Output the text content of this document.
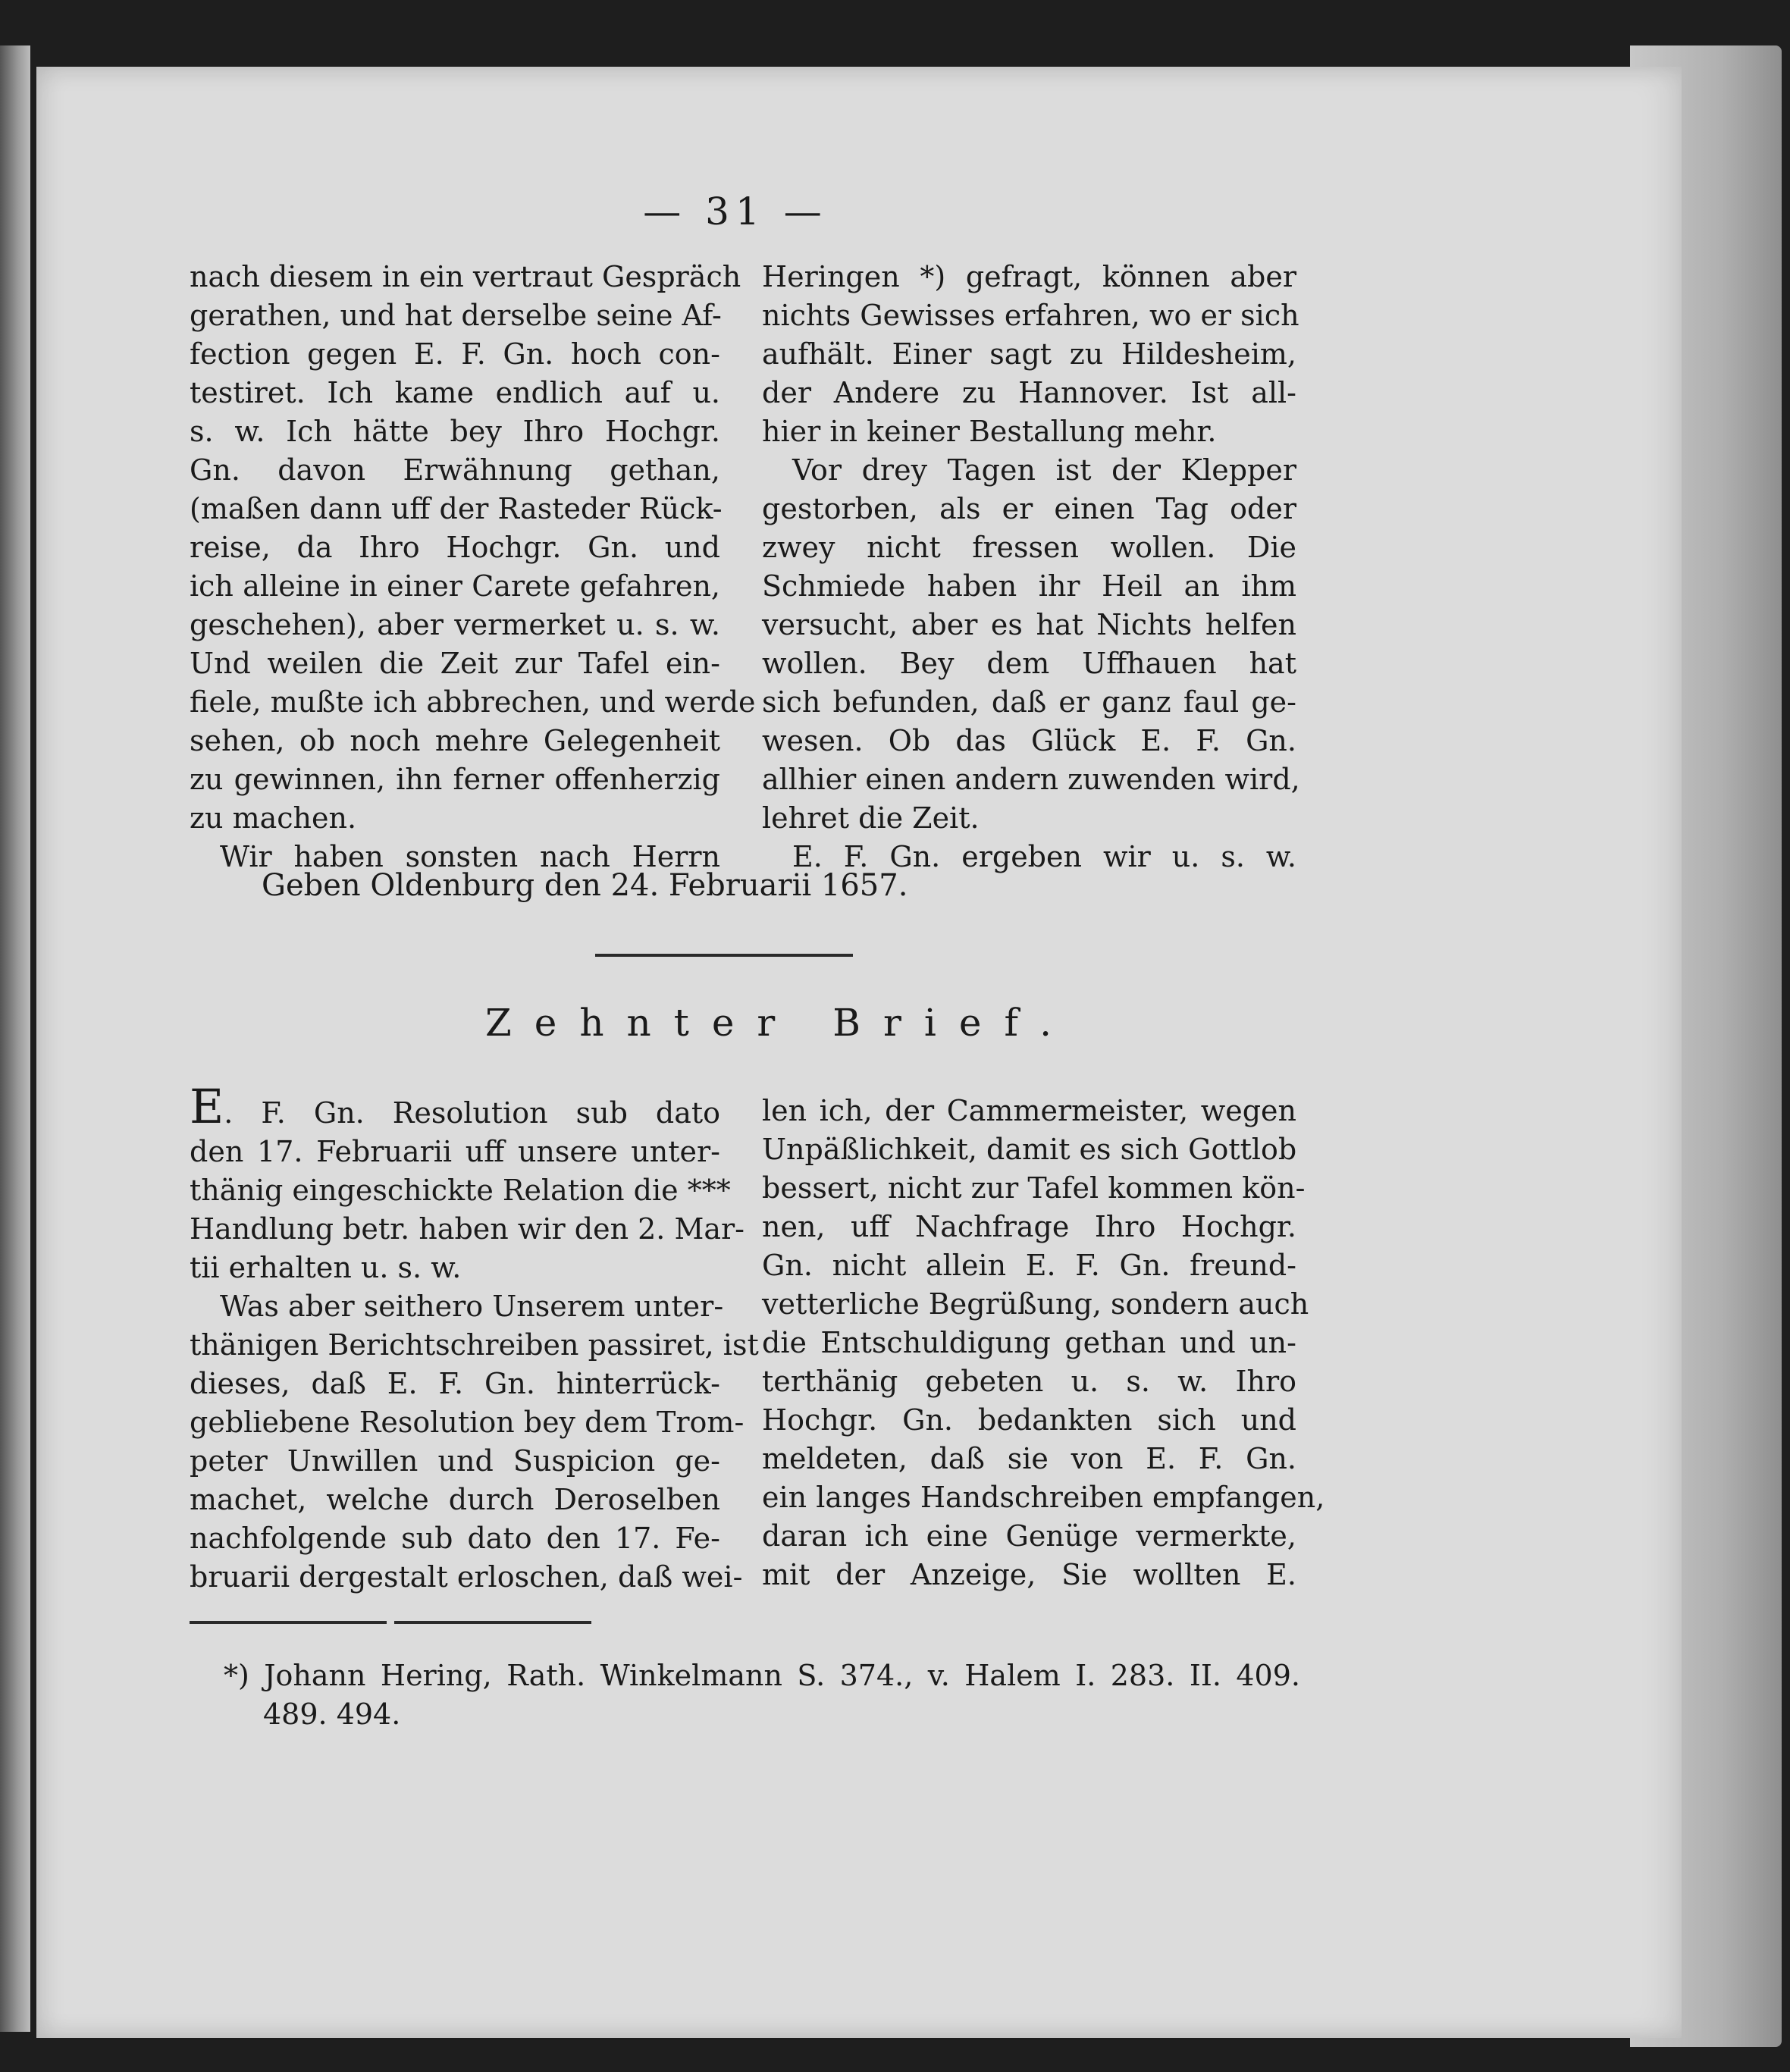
— 31 —
nach diesem in ein vertraut Gespräch
gerathen, und hat derselbe seine Af-
fection gegen E. F. Gn. hoch con-
testiret. Ich kame endlich auf u.
s. w. Ich hätte bey Ihro Hochgr.
Gn. davon Erwähnung gethan,
(maßen dann uff der Rasteder Rück-
reise, da Ihro Hochgr. Gn. und
ich alleine in einer Carete gefahren,
geschehen), aber vermerket u. s. w.
Und weilen die Zeit zur Tafel ein-
fiele, mußte ich abbrechen, und werde
sehen, ob noch mehre Gelegenheit
zu gewinnen, ihn ferner offenherzig
zu machen.
Wir haben sonsten nach Herrn
Heringen *) gefragt, können aber
nichts Gewisses erfahren, wo er sich
aufhält. Einer sagt zu Hildesheim,
der Andere zu Hannover. Ist all-
hier in keiner Bestallung mehr.
Vor drey Tagen ist der Klepper
gestorben, als er einen Tag oder
zwey nicht fressen wollen. Die
Schmiede haben ihr Heil an ihm
versucht, aber es hat Nichts helfen
wollen. Bey dem Uffhauen hat
sich befunden, daß er ganz faul ge-
wesen. Ob das Glück E. F. Gn.
allhier einen andern zuwenden wird,
lehret die Zeit.
E. F. Gn. ergeben wir u. s. w.
Geben Oldenburg den 24. Februarii 1657.
Zehnter Brief.
E. F. Gn. Resolution sub dato
den 17. Februarii uff unsere unter-
thänig eingeschickte Relation die ***
Handlung betr. haben wir den 2. Mar-
tii erhalten u. s. w.
Was aber seithero Unserem unter-
thänigen Berichtschreiben passiret, ist
dieses, daß E. F. Gn. hinterrück-
gebliebene Resolution bey dem Trom-
peter Unwillen und Suspicion ge-
machet, welche durch Deroselben
nachfolgende sub dato den 17. Fe-
bruarii dergestalt erloschen, daß wei-
len ich, der Cammermeister, wegen
Unpäßlichkeit, damit es sich Gottlob
bessert, nicht zur Tafel kommen kön-
nen, uff Nachfrage Ihro Hochgr.
Gn. nicht allein E. F. Gn. freund-
vetterliche Begrüßung, sondern auch
die Entschuldigung gethan und un-
terthänig gebeten u. s. w. Ihro
Hochgr. Gn. bedankten sich und
meldeten, daß sie von E. F. Gn.
ein langes Handschreiben empfangen,
daran ich eine Genüge vermerkte,
mit der Anzeige, Sie wollten E.
*) Johann Hering, Rath. Winkelmann S. 374., v. Halem I. 283. II. 409.
489. 494.
